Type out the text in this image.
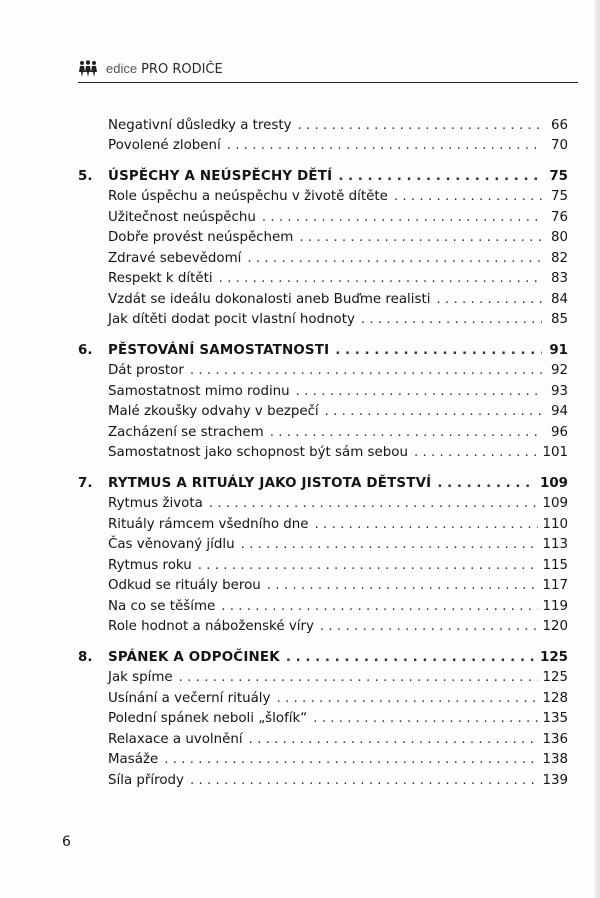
edice PRO RODIČE
Negativní důsledky a tresty . . .	66
Povolené zlobení . . .	70
5.	ÚSPĚCHY A NEÚSPĚCHY DĚTÍ . . .	75
Role úspěchu a neúspěchu v životě dítěte . . .	75
Užitečnost neúspěchu . . .	76
Dobře provést neúspěchem . . .	80
Zdravé sebevědomí . . .	82
Respekt k dítěti . . .	83
Vzdát se ideálu dokonalosti aneb Buďme realisti . . .	84
Jak dítěti dodat pocit vlastní hodnoty . . .	85
6.	PĚSTOVÁNÍ SAMOSTATNOSTI . . .	91
Dát prostor . . .	92
Samostatnost mimo rodinu . . .	93
Malé zkoušky odvahy v bezpečí . . .	94
Zacházení se strachem . . .	96
Samostatnost jako schopnost být sám sebou . . .	101
7.	RYTMUS A RITUÁLY JAKO JISTOTA DĚTSTVÍ . . .	109
Rytmus života . . .	109
Rituály rámcem všedního dne . . .	110
Čas věnovaný jídlu . . .	113
Rytmus roku . . .	115
Odkud se rituály berou . . .	117
Na co se těšíme . . .	119
Role hodnot a náboženské víry . . .	120
8.	SPÁNEK A ODPOČINEK . . .	125
Jak spíme . . .	125
Usínání a večerní rituály . . .	128
Polední spánek neboli „šlofík“ . . .	135
Relaxace a uvolnění . . .	136
Masáže . . .	138
Síla přírody . . .	139
6
